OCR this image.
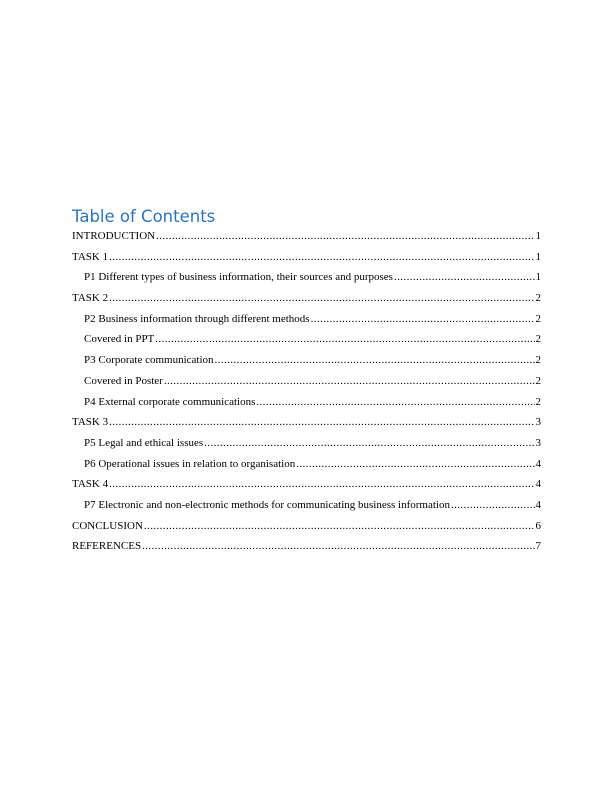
Table of Contents
INTRODUCTION .....	1
TASK 1 .....	1
P1 Different types of business information, their sources and purposes .....	1
TASK 2 .....	2
P2 Business information through different methods .....	2
Covered in PPT .....	2
P3 Corporate communication .....	2
Covered in Poster .....	2
P4 External corporate communications .....	2
TASK 3 .....	3
P5 Legal and ethical issues .....	3
P6 Operational issues in relation to organisation .....	4
TASK 4 .....	4
P7 Electronic and non-electronic methods for communicating business information .....	4
CONCLUSION .....	6
REFERENCES .....	7
